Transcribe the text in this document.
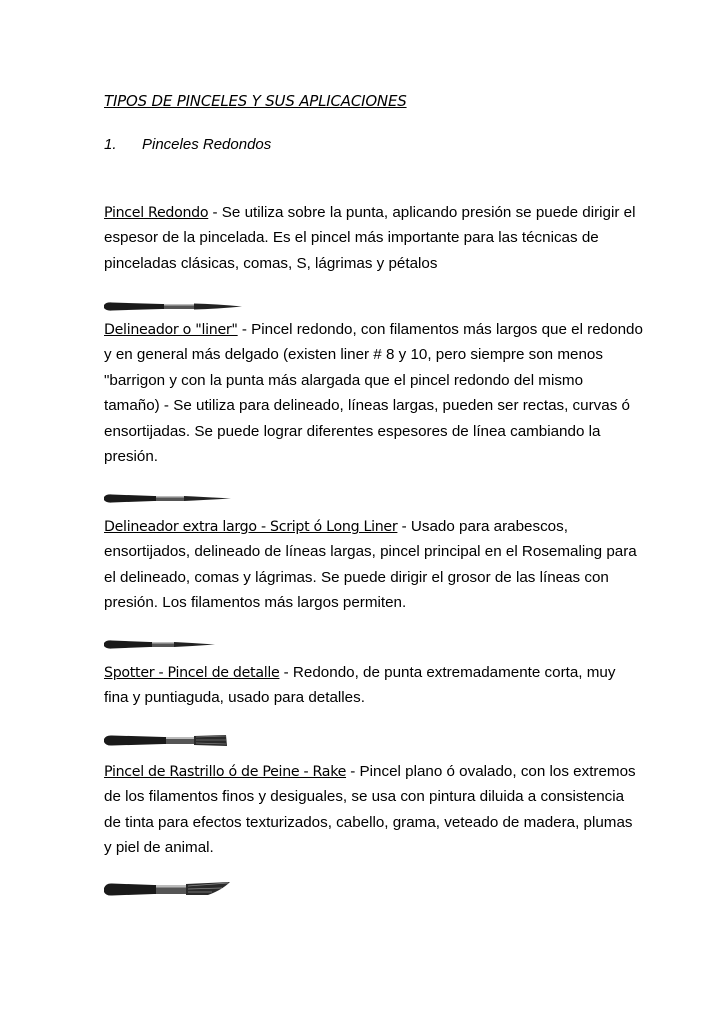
TIPOS DE PINCELES Y SUS APLICACIONES
1. Pinceles Redondos
Pincel Redondo - Se utiliza sobre la punta, aplicando presión se puede dirigir el
espesor de la pincelada. Es el pincel más importante para las técnicas de
pinceladas clásicas, comas, S, lágrimas y pétalos
Delineador o "liner" - Pincel redondo, con filamentos más largos que el redondo
y en general más delgado (existen liner # 8 y 10, pero siempre son menos
"barrigon y con la punta más alargada que el pincel redondo del mismo
tamaño) - Se utiliza para delineado, líneas largas, pueden ser rectas, curvas ó
ensortijadas. Se puede lograr diferentes espesores de línea cambiando la
presión.
Delineador extra largo - Script ó Long Liner - Usado para arabescos,
ensortijados, delineado de líneas largas, pincel principal en el Rosemaling para
el delineado, comas y lágrimas. Se puede dirigir el grosor de las líneas con
presión. Los filamentos más largos permiten.
Spotter - Pincel de detalle - Redondo, de punta extremadamente corta, muy
fina y puntiaguda, usado para detalles.
Pincel de Rastrillo ó de Peine - Rake - Pincel plano ó ovalado, con los extremos
de los filamentos finos y desiguales, se usa con pintura diluida a consistencia
de tinta para efectos texturizados, cabello, grama, veteado de madera, plumas
y piel de animal.
